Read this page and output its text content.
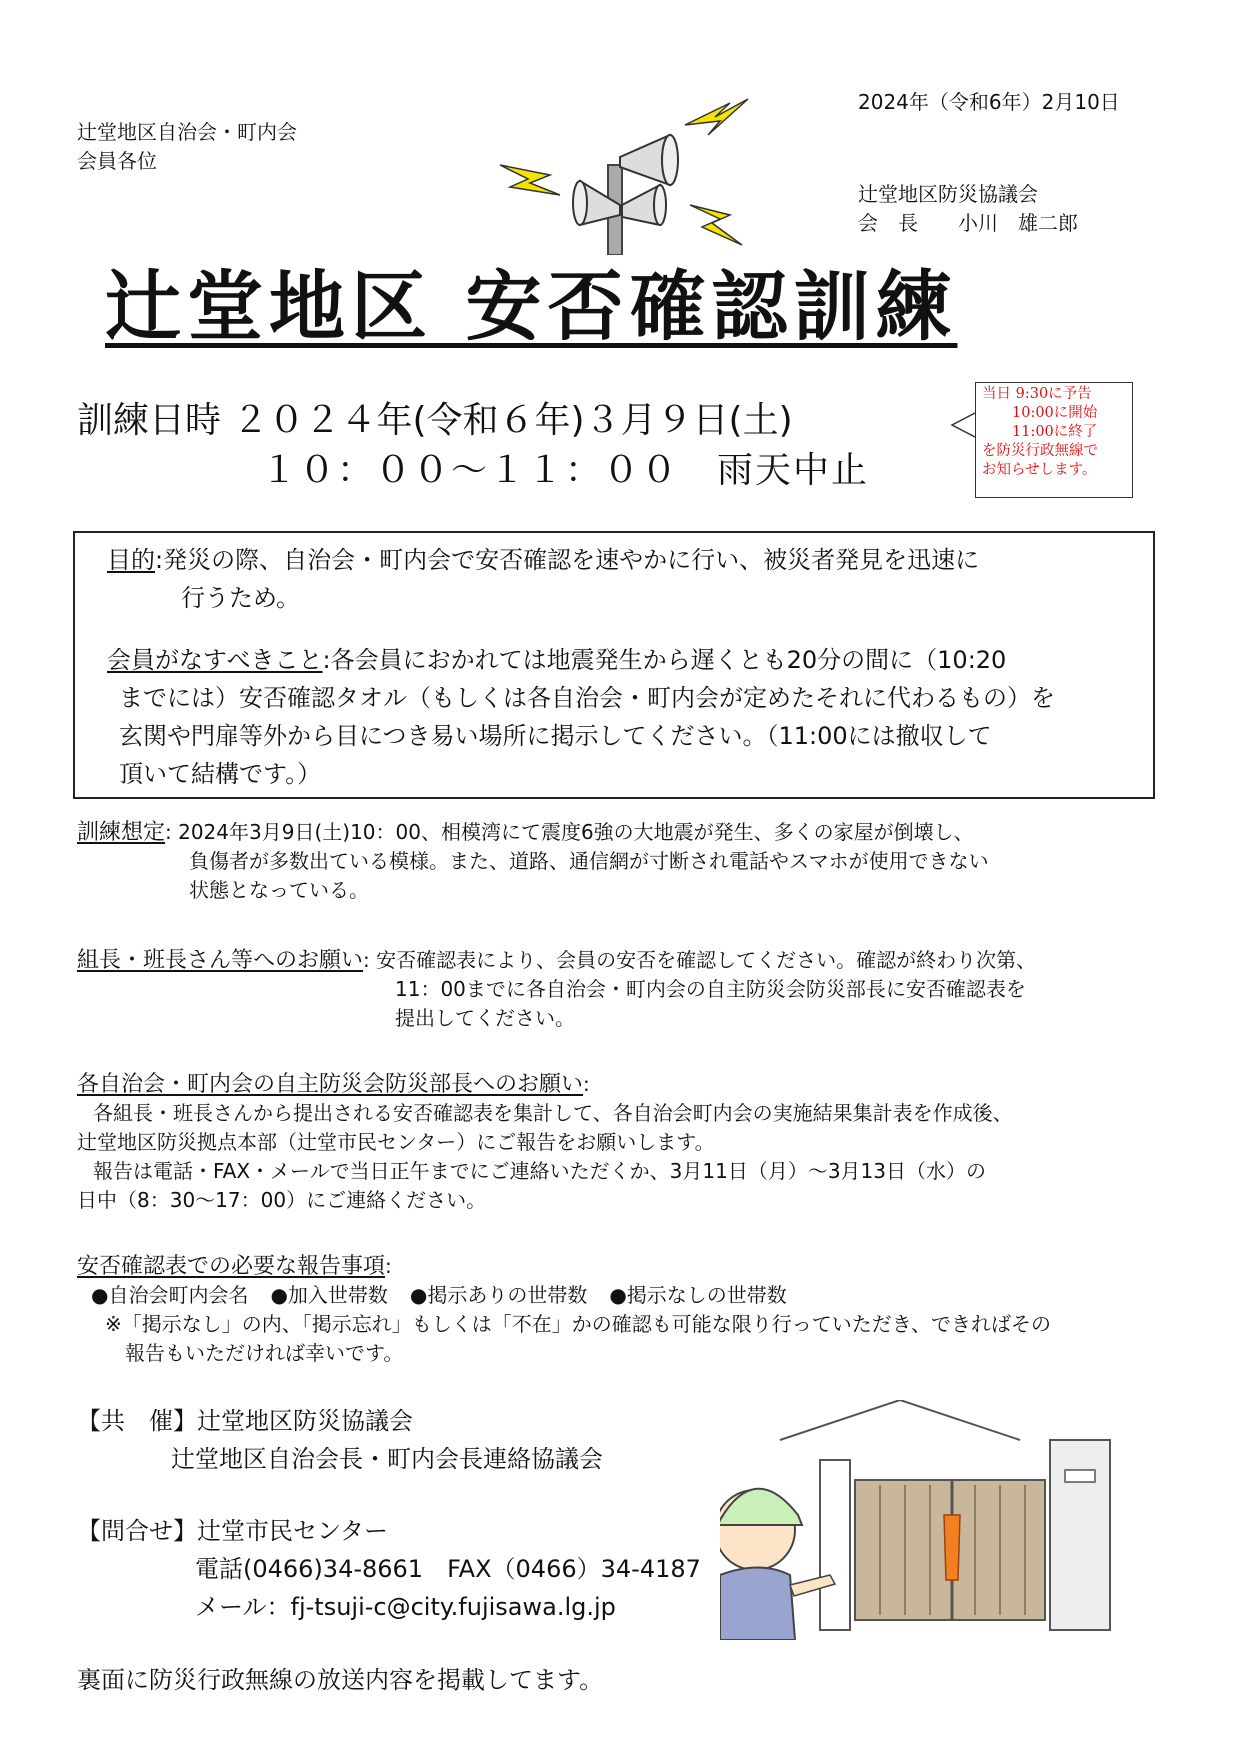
辻堂地区自治会・町内会
会員各位
2024年（令和6年）2月10日
辻堂地区防災協議会
会　長　　小川　雄二郎
辻堂地区 安否確認訓練
訓練日時 ２０２４年(令和６年)３月９日(土)
１０：００～１１：００　雨天中止
当日 9:30に予告
10:00に開始
11:00に終了
を防災行政無線で
お知らせします。
目的:発災の際、自治会・町内会で安否確認を速やかに行い、被災者発見を迅速に
行うため。
会員がなすべきこと:各会員におかれては地震発生から遅くとも20分の間に（10:20
までには）安否確認タオル（もしくは各自治会・町内会が定めたそれに代わるもの）を
玄関や門扉等外から目につき易い場所に掲示してください。（11:00には撤収して
頂いて結構です。）
訓練想定: 2024年3月9日(土)10：00、相模湾にて震度6強の大地震が発生、多くの家屋が倒壊し、
負傷者が多数出ている模様。また、道路、通信網が寸断され電話やスマホが使用できない
状態となっている。
組長・班長さん等へのお願い: 安否確認表により、会員の安否を確認してください。確認が終わり次第、
11：00までに各自治会・町内会の自主防災会防災部長に安否確認表を
提出してください。
各自治会・町内会の自主防災会防災部長へのお願い:
各組長・班長さんから提出される安否確認表を集計して、各自治会町内会の実施結果集計表を作成後、
辻堂地区防災拠点本部（辻堂市民センター）にご報告をお願いします。
報告は電話・FAX・メールで当日正午までにご連絡いただくか、3月11日（月）～3月13日（水）の
日中（8：30～17：00）にご連絡ください。
安否確認表での必要な報告事項:
●自治会町内会名 ●加入世帯数 ●掲示ありの世帯数 ●掲示なしの世帯数
※「掲示なし」の内、「掲示忘れ」もしくは「不在」かの確認も可能な限り行っていただき、できればその
報告もいただければ幸いです。
【共　催】辻堂地区防災協議会
辻堂地区自治会長・町内会長連絡協議会
【問合せ】辻堂市民センター
電話(0466)34-8661　FAX（0466）34-4187
メール：fj-tsuji-c@city.fujisawa.lg.jp
裏面に防災行政無線の放送内容を掲載してます。
